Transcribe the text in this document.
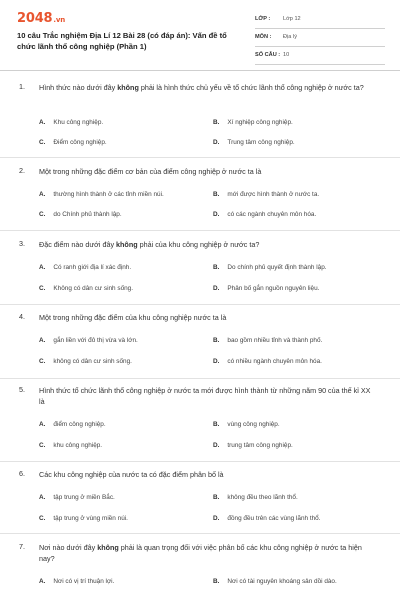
2048.vn
10 câu Trắc nghiệm Địa Lí 12 Bài 28 (có đáp án): Vấn đề tổ chức lãnh thổ công nghiệp (Phần 1)
LỚP : Lớp 12
MÔN : Địa lý
SỐ CÂU : 10
1. Hình thức nào dưới đây không phải là hình thức chủ yếu về tổ chức lãnh thổ công nghiệp ở nước ta?
A. Khu công nghiệp.	B. Xí nghiệp công nghiệp.
C. Điểm công nghiệp.	D. Trung tâm công nghiệp.
2. Một trong những đặc điểm cơ bản của điểm công nghiệp ở nước ta là
A. thường hình thành ở các tỉnh miền núi.	B. mới được hình thành ở nước ta.
C. do Chính phủ thành lập.	D. có các ngành chuyên môn hóa.
3. Đặc điểm nào dưới đây không phải của khu công nghiệp ở nước ta?
A. Có ranh giới địa lí xác định.	B. Do chính phủ quyết định thành lập.
C. Không có dân cư sinh sống.	D. Phân bố gắn nguồn nguyên liệu.
4. Một trong những đặc điểm của khu công nghiệp nước ta là
A. gắn liền với đô thị vừa và lớn.	B. bao gồm nhiều tỉnh và thành phố.
C. không có dân cư sinh sống.	D. có nhiều ngành chuyên môn hóa.
5. Hình thức tổ chức lãnh thổ công nghiệp ở nước ta mới được hình thành từ những năm 90 của thế kỉ XX là
A. điểm công nghiệp.	B. vùng công nghiệp.
C. khu công nghiệp.	D. trung tâm công nghiệp.
6. Các khu công nghiệp của nước ta có đặc điểm phân bố là
A. tập trung ở miền Bắc.	B. không đều theo lãnh thổ.
C. tập trung ở vùng miền núi.	D. đồng đều trên các vùng lãnh thổ.
7. Nơi nào dưới đây không phải là quan trọng đối với việc phân bố các khu công nghiệp ở nước ta hiện nay?
A. Nơi có vị trí thuận lợi.	B. Nơi có tài nguyên khoáng sản dồi dào.
